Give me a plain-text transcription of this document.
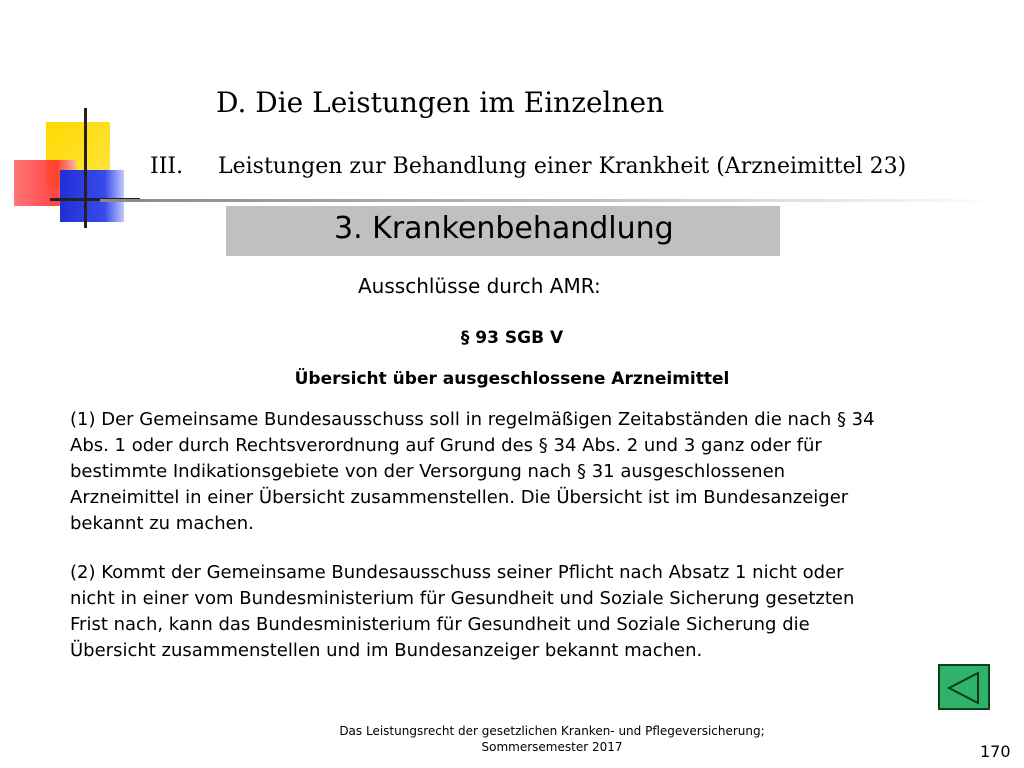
D. Die Leistungen im Einzelnen
III. Leistungen zur Behandlung einer Krankheit (Arzneimittel 23)
3. Krankenbehandlung
Ausschlüsse durch AMR:
§ 93 SGB V
Übersicht über ausgeschlossene Arzneimittel
(1) Der Gemeinsame Bundesausschuss soll in regelmäßigen Zeitabständen die nach § 34
Abs. 1 oder durch Rechtsverordnung auf Grund des § 34 Abs. 2 und 3 ganz oder für
bestimmte Indikationsgebiete von der Versorgung nach § 31 ausgeschlossenen
Arzneimittel in einer Übersicht zusammenstellen. Die Übersicht ist im Bundesanzeiger
bekannt zu machen.
(2) Kommt der Gemeinsame Bundesausschuss seiner Pflicht nach Absatz 1 nicht oder
nicht in einer vom Bundesministerium für Gesundheit und Soziale Sicherung gesetzten
Frist nach, kann das Bundesministerium für Gesundheit und Soziale Sicherung die
Übersicht zusammenstellen und im Bundesanzeiger bekannt machen.
Das Leistungsrecht der gesetzlichen Kranken- und Pflegeversicherung;
Sommersemester 2017	170
